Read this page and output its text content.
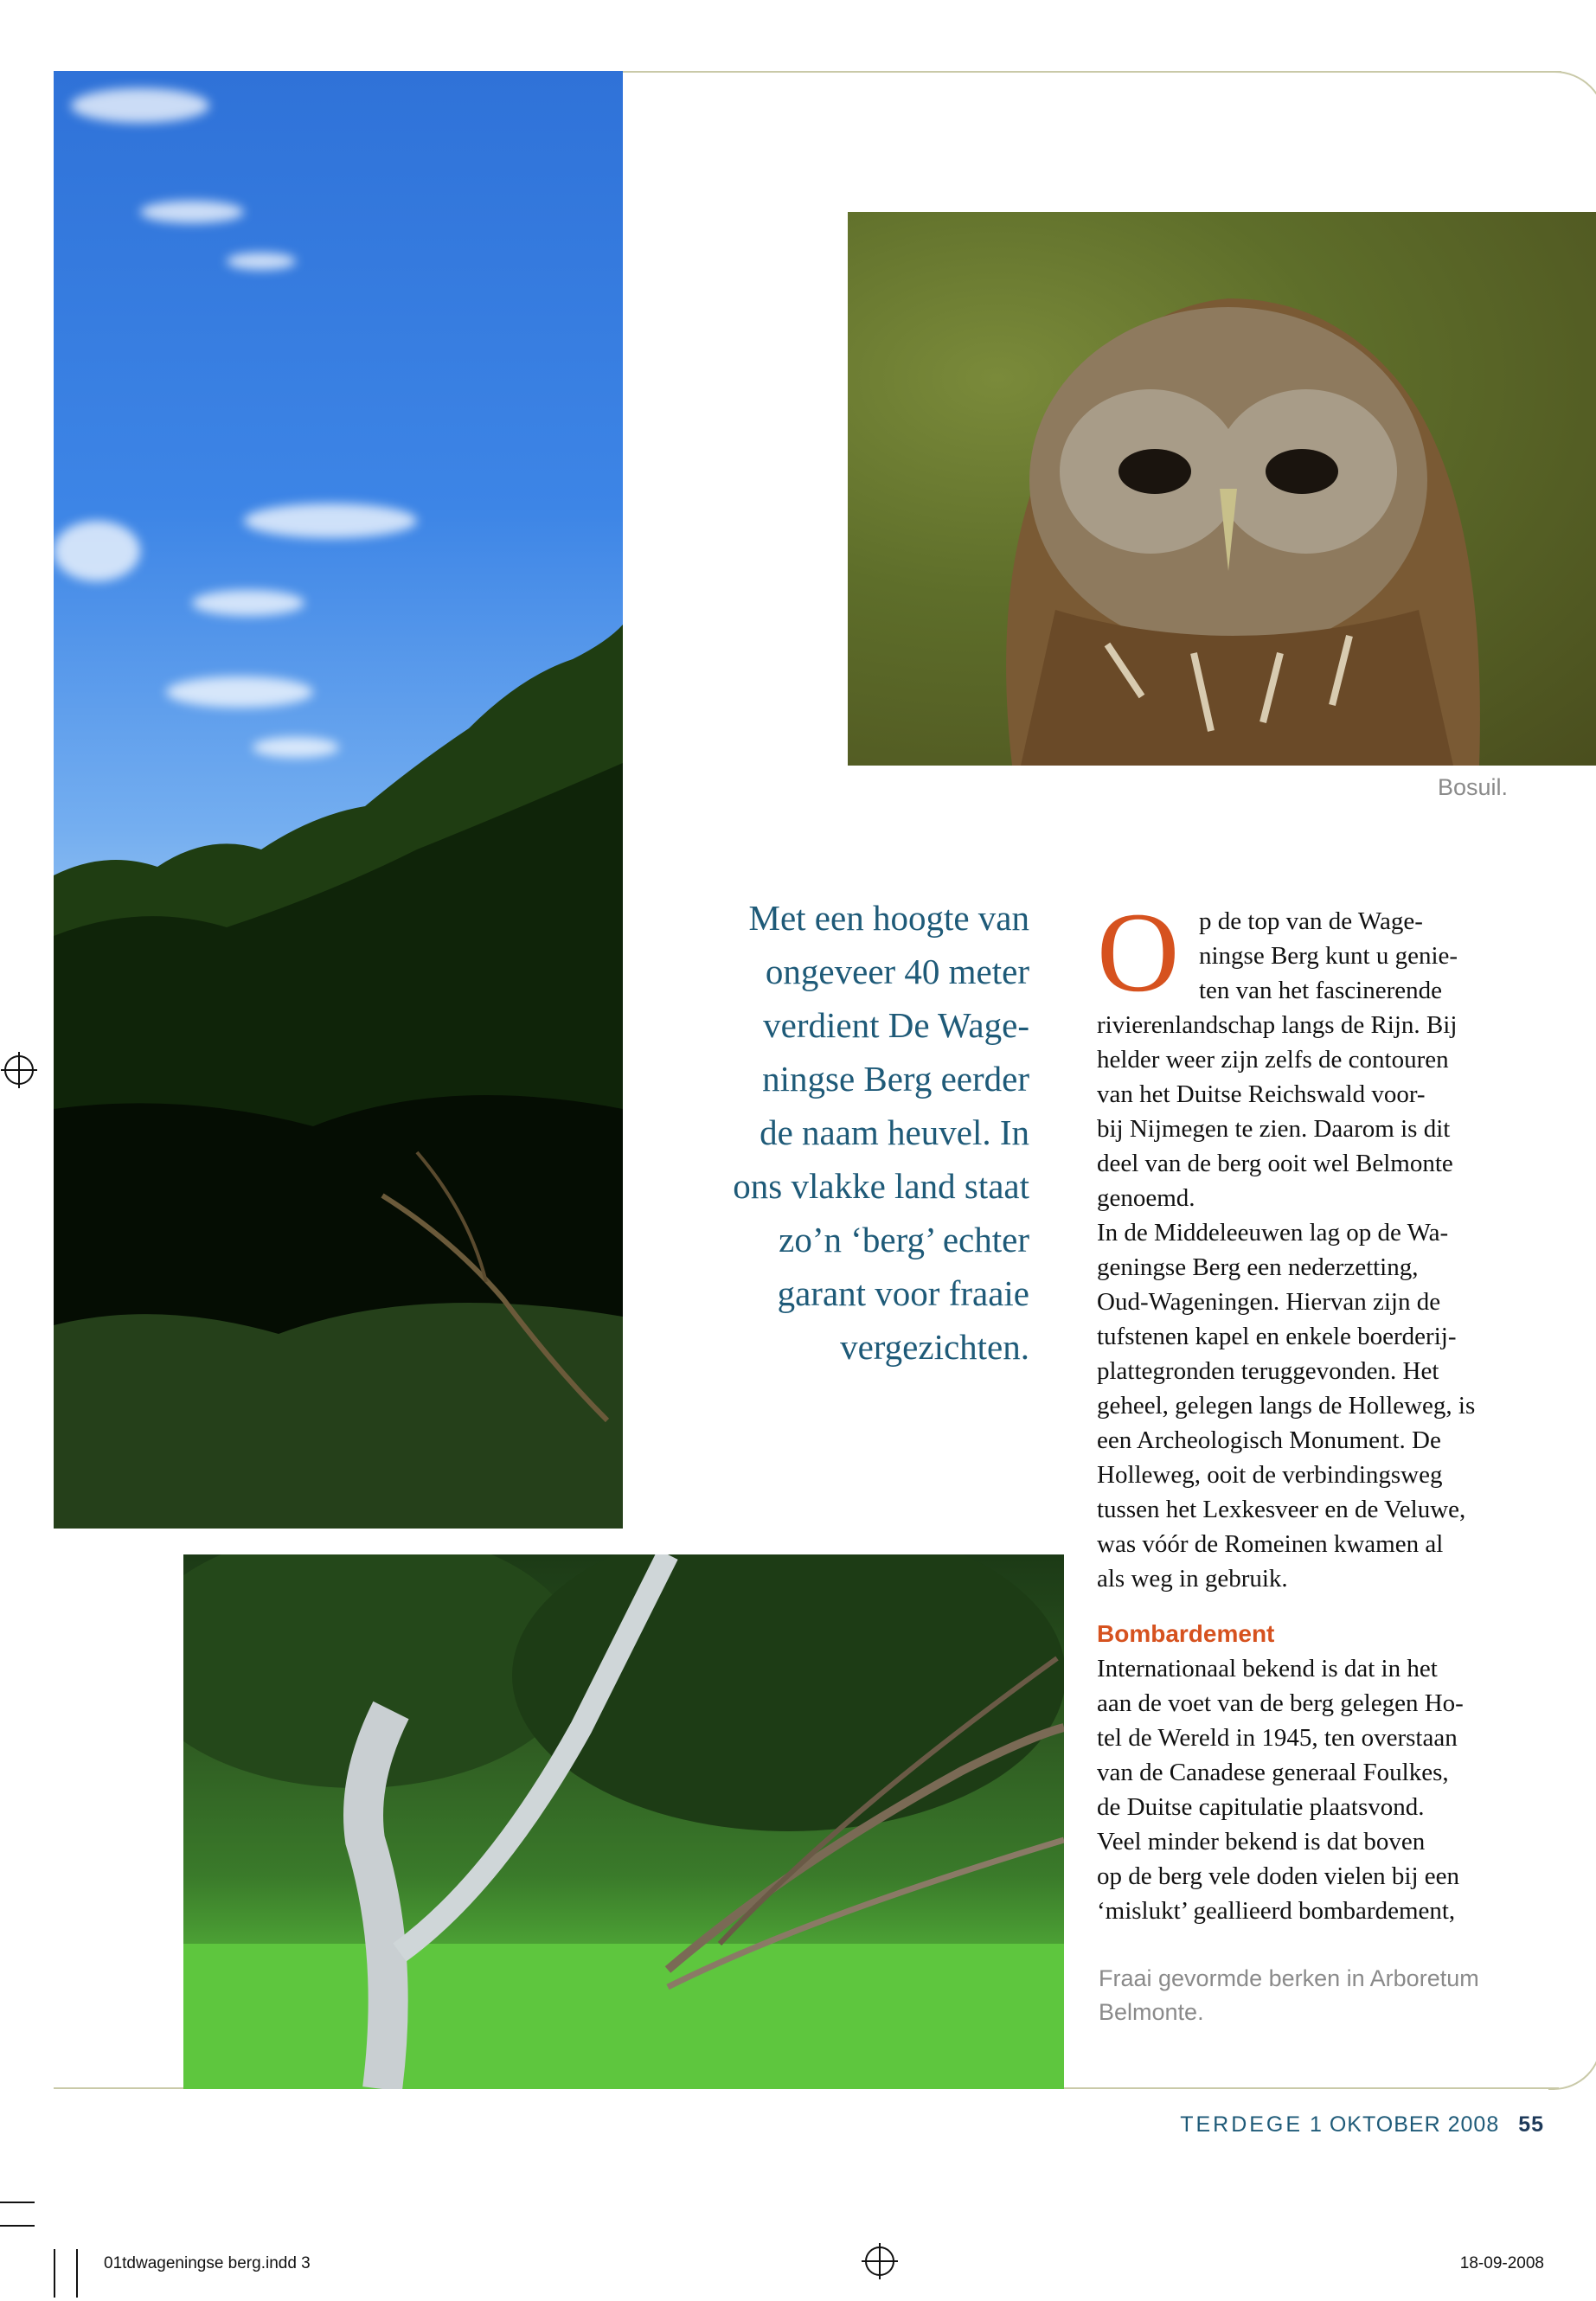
Bosuil.
Met een hoogte van
ongeveer 40 meter
verdient De Wage-
ningse Berg eerder
de naam heuvel. In
ons vlakke land staat
zo’n ‘berg’ echter
garant voor fraaie
vergezichten.
O p de top van de Wage-
ningse Berg kunt u genie-
ten van het fascinerende
rivierenlandschap langs de Rijn. Bij
helder weer zijn zelfs de contouren
van het Duitse Reichswald voor-
bij Nijmegen te zien. Daarom is dit
deel van de berg ooit wel Belmonte
genoemd.
In de Middeleeuwen lag op de Wa-
geningse Berg een nederzetting,
Oud-Wageningen. Hiervan zijn de
tufstenen kapel en enkele boerderij-
plattegronden teruggevonden. Het
geheel, gelegen langs de Holleweg, is
een Archeologisch Monument. De
Holleweg, ooit de verbindingsweg
tussen het Lexkesveer en de Veluwe,
was vóór de Romeinen kwamen al
als weg in gebruik.
Bombardement
Internationaal bekend is dat in het
aan de voet van de berg gelegen Ho-
tel de Wereld in 1945, ten overstaan
van de Canadese generaal Foulkes,
de Duitse capitulatie plaatsvond.
Veel minder bekend is dat boven
op de berg vele doden vielen bij een
‘mislukt’ geallieerd bombardement,
Fraai gevormde berken in Arboretum
Belmonte.
TERDEGE 1 OKTOBER 2008 55
01tdwageningse berg.indd 3	18-09-2008
